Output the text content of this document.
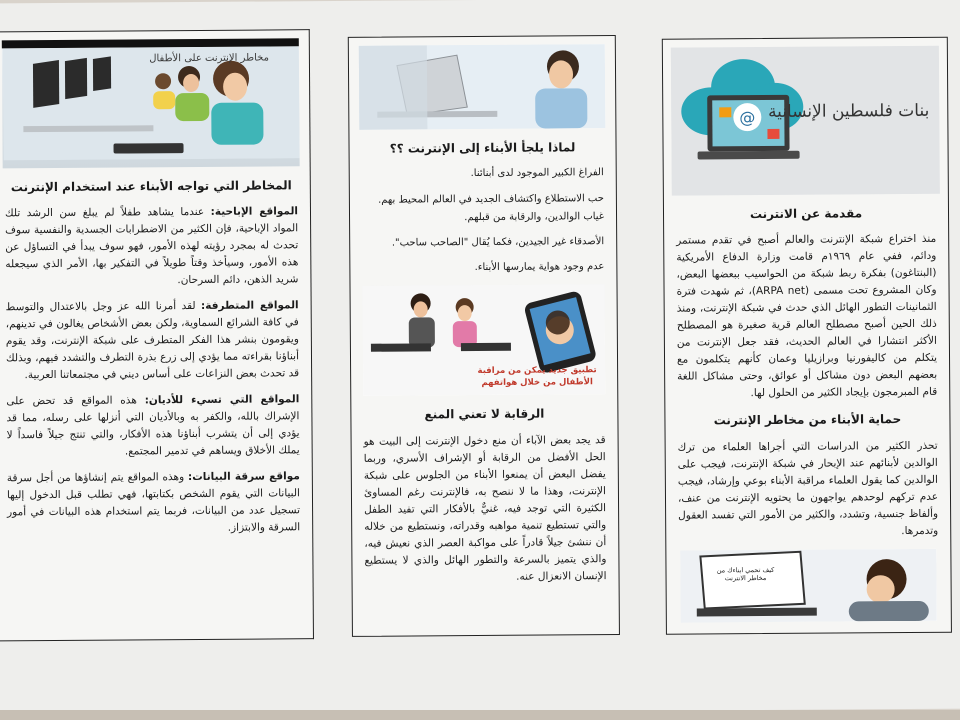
مخاطر الإنترنت على الأطفال
المخاطر التي تواجه الأبناء عند استخدام الإنترنت

المواقع الإباحية: عندما يشاهد طفلاً لم يبلغ سن الرشد تلك المواد الإباحية، فإن الكثير من الاضطرابات الجسدية والنفسية سوف تحدث له بمجرد رؤيته لهذه الأمور، فهو سوف يبدأ في التساؤل عن هذه الأمور، وسيأخذ وقتاً طويلاً في التفكير بها، الأمر الذي سيجعله شريد الذهن، دائم السرحان.

المواقع المتطرفة: لقد أمرنا الله عز وجل بالاعتدال والتوسط في كافة الشرائع السماوية، ولكن بعض الأشخاص يغالون في تدينهم، ويقومون بنشر هذا الفكر المتطرف على شبكة الإنترنت، وقد يقوم أبناؤنا بقراءته مما يؤدي إلى زرع بذرة التطرف والتشدد فيهم، وبذلك قد تحدث بعض النزاعات على أساس ديني في مجتمعاتنا العربية.

المواقع التي تسيء للأديان: هذه المواقع قد تحض على الإشراك بالله، والكفر به وبالأديان التي أنزلها على رسله، مما قد يؤدي إلى أن يتشرب أبناؤنا هذه الأفكار، والتي تنتج جيلاً فاسداً لا يملك الأخلاق ويساهم في تدمير المجتمع.

مواقع سرقة البيانات: وهذه المواقع يتم إنشاؤها من أجل سرقة البيانات التي يقوم الشخص بكتابتها، فهي تطلب قبل الدخول إليها تسجيل عدد من البيانات، فربما يتم استخدام هذه البيانات في أمور السرقة والابتزاز.

لماذا يلجأ الأبناء إلى الإنترنت ؟؟

الفراغ الكبير الموجود لدى أبنائنا.

حب الاستطلاع واكتشاف الجديد في العالم المحيط بهم.

غياب الوالدين، والرقابة من قبلهم.

الأصدقاء غير الجيدين، فكما يُقال "الصاحب ساحب".

عدم وجود هواية يمارسها الأبناء.

تطبيق جديد يمكن من مراقبة الأطفال من خلال هواتفهم
الرقابة لا تعني المنع

قد يجد بعض الآباء أن منع دخول الإنترنت إلى البيت هو الحل الأفضل من الرقابة أو الإشراف الأسري، وربما يفضل البعض أن يمنعوا الأبناء من الجلوس على شبكة الإنترنت، وهذا ما لا ننصح به، فالإنترنت رغم المساوئ الكثيرة التي توجد فيه، غنيٌّ بالأفكار التي تفيد الطفل والتي تستطيع تنمية مواهبه وقدراته، ونستطيع من خلاله أن ننشئ جيلاً قادراً على مواكبة العصر الذي نعيش فيه، والذي يتميز بالسرعة والتطور الهائل والذي لا يستطيع الإنسان الانعزال عنه.

@ بنات فلسطين الإنسانية
مقدمة عن الانترنت

منذ اختراع شبكة الإنترنت والعالم أصبح في تقدم مستمر ودائم، ففي عام ١٩٦٩م قامت وزارة الدفاع الأمريكية (البنتاغون) بفكرة ربط شبكة من الحواسيب ببعضها البعض، وكان المشروع تحت مسمى (ARPA net)، ثم شهدت فترة الثمانينات التطور الهائل الذي حدث في شبكة الإنترنت، ومنذ ذلك الحين أصبح مصطلح العالم قرية صغيرة هو المصطلح الأكثر انتشارا في العالم الحديث، فقد جعل الإنترنت من يتكلم من كاليفورنيا وبرازيليا وعمان كأنهم يتكلمون مع بعضهم البعض دون مشاكل أو عوائق، وحتى مشاكل اللغة قام المبرمجون بإيجاد الكثير من الحلول لها.

حماية الأبناء من مخاطر الإنترنت

تحذر الكثير من الدراسات التي أجراها العلماء من ترك الوالدين لأبنائهم عند الإبحار في شبكة الإنترنت، فيجب على الوالدين كما يقول العلماء مراقبة الأبناء بوعي وإرشاد، فيجب عدم تركهم لوحدهم يواجهون ما يحتويه الإنترنت من عنف، وألفاظ جنسية، وتشدد، والكثير من الأمور التي تفسد العقول وتدمرها.

كيف تحمي ابناءك من مخاطر الانترنت
